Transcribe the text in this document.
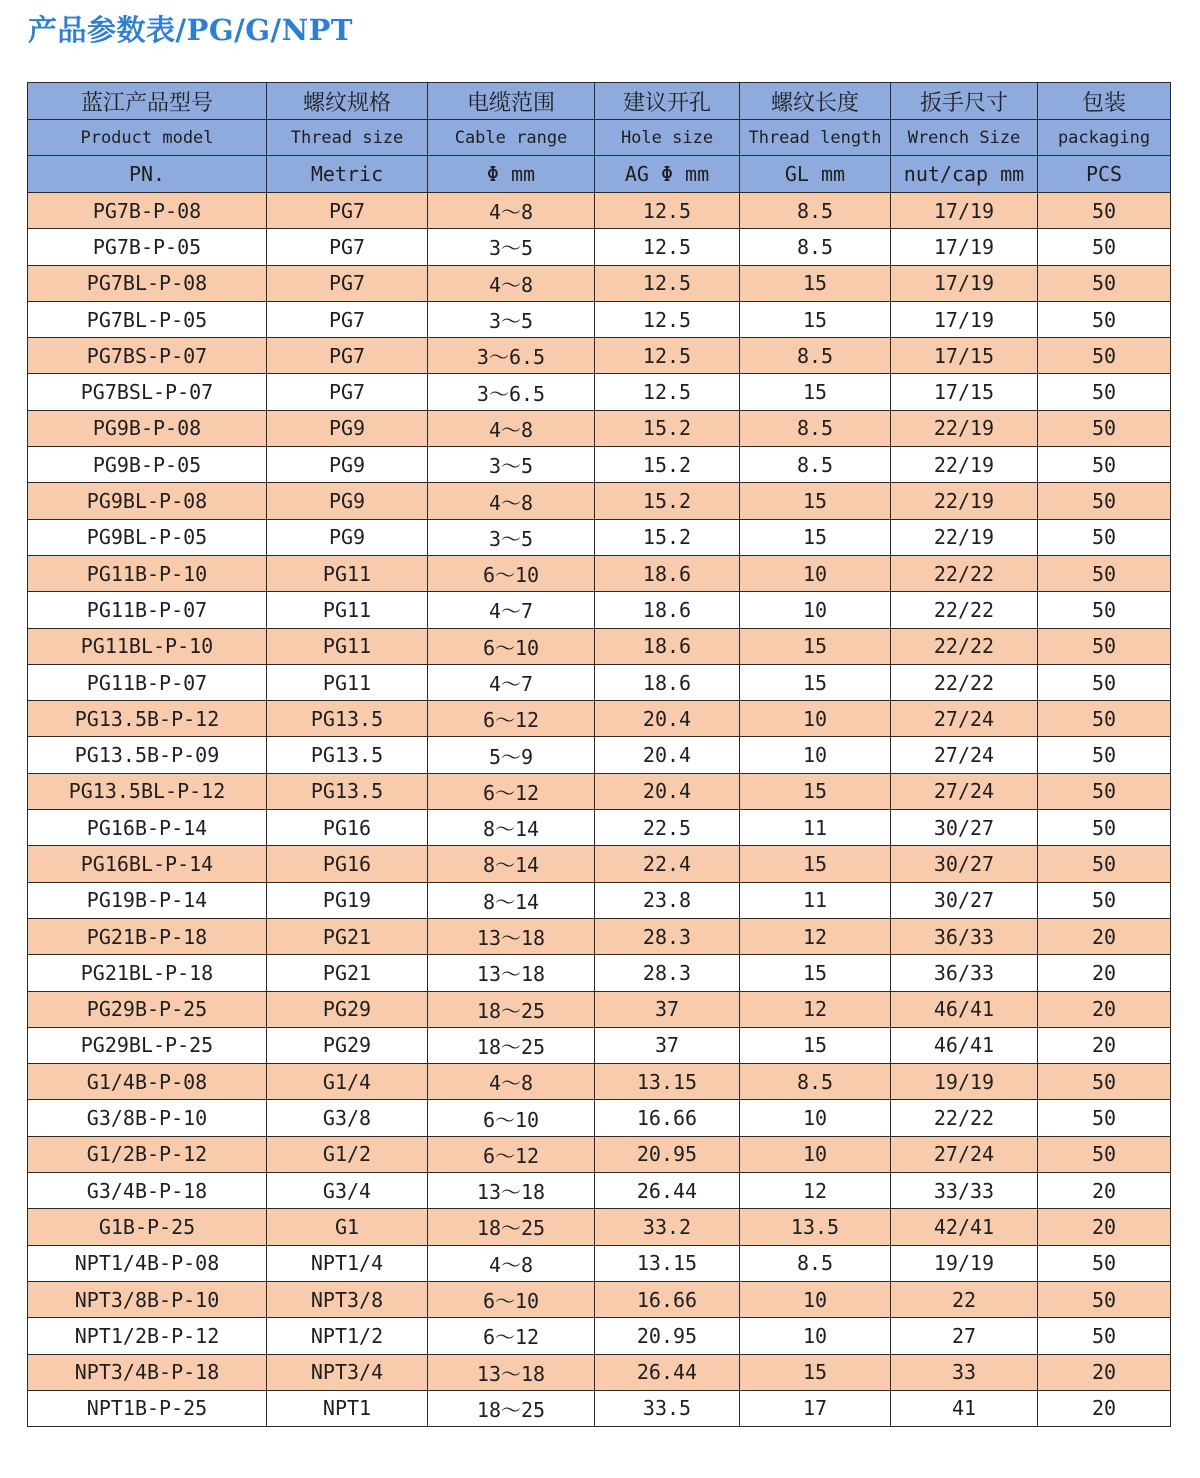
产品参数表/PG/G/NPT
蓝江产品型号	螺纹规格	电缆范围	建议开孔	螺纹长度	扳手尺寸	包装
Product model	Thread size	Cable range	Hole size	Thread length	Wrench Size	packaging
PN.	Metric	Φ mm	AG Φ mm	GL mm	nut/cap mm	PCS
PG7B-P-08	PG7	4～8	12.5	8.5	17/19	50
PG7B-P-05	PG7	3～5	12.5	8.5	17/19	50
PG7BL-P-08	PG7	4～8	12.5	15	17/19	50
PG7BL-P-05	PG7	3～5	12.5	15	17/19	50
PG7BS-P-07	PG7	3～6.5	12.5	8.5	17/15	50
PG7BSL-P-07	PG7	3～6.5	12.5	15	17/15	50
PG9B-P-08	PG9	4～8	15.2	8.5	22/19	50
PG9B-P-05	PG9	3～5	15.2	8.5	22/19	50
PG9BL-P-08	PG9	4～8	15.2	15	22/19	50
PG9BL-P-05	PG9	3～5	15.2	15	22/19	50
PG11B-P-10	PG11	6～10	18.6	10	22/22	50
PG11B-P-07	PG11	4～7	18.6	10	22/22	50
PG11BL-P-10	PG11	6～10	18.6	15	22/22	50
PG11B-P-07	PG11	4～7	18.6	15	22/22	50
PG13.5B-P-12	PG13.5	6～12	20.4	10	27/24	50
PG13.5B-P-09	PG13.5	5～9	20.4	10	27/24	50
PG13.5BL-P-12	PG13.5	6～12	20.4	15	27/24	50
PG16B-P-14	PG16	8～14	22.5	11	30/27	50
PG16BL-P-14	PG16	8～14	22.4	15	30/27	50
PG19B-P-14	PG19	8～14	23.8	11	30/27	50
PG21B-P-18	PG21	13～18	28.3	12	36/33	20
PG21BL-P-18	PG21	13～18	28.3	15	36/33	20
PG29B-P-25	PG29	18～25	37	12	46/41	20
PG29BL-P-25	PG29	18～25	37	15	46/41	20
G1/4B-P-08	G1/4	4～8	13.15	8.5	19/19	50
G3/8B-P-10	G3/8	6～10	16.66	10	22/22	50
G1/2B-P-12	G1/2	6～12	20.95	10	27/24	50
G3/4B-P-18	G3/4	13～18	26.44	12	33/33	20
G1B-P-25	G1	18～25	33.2	13.5	42/41	20
NPT1/4B-P-08	NPT1/4	4～8	13.15	8.5	19/19	50
NPT3/8B-P-10	NPT3/8	6～10	16.66	10	22	50
NPT1/2B-P-12	NPT1/2	6～12	20.95	10	27	50
NPT3/4B-P-18	NPT3/4	13～18	26.44	15	33	20
NPT1B-P-25	NPT1	18～25	33.5	17	41	20
